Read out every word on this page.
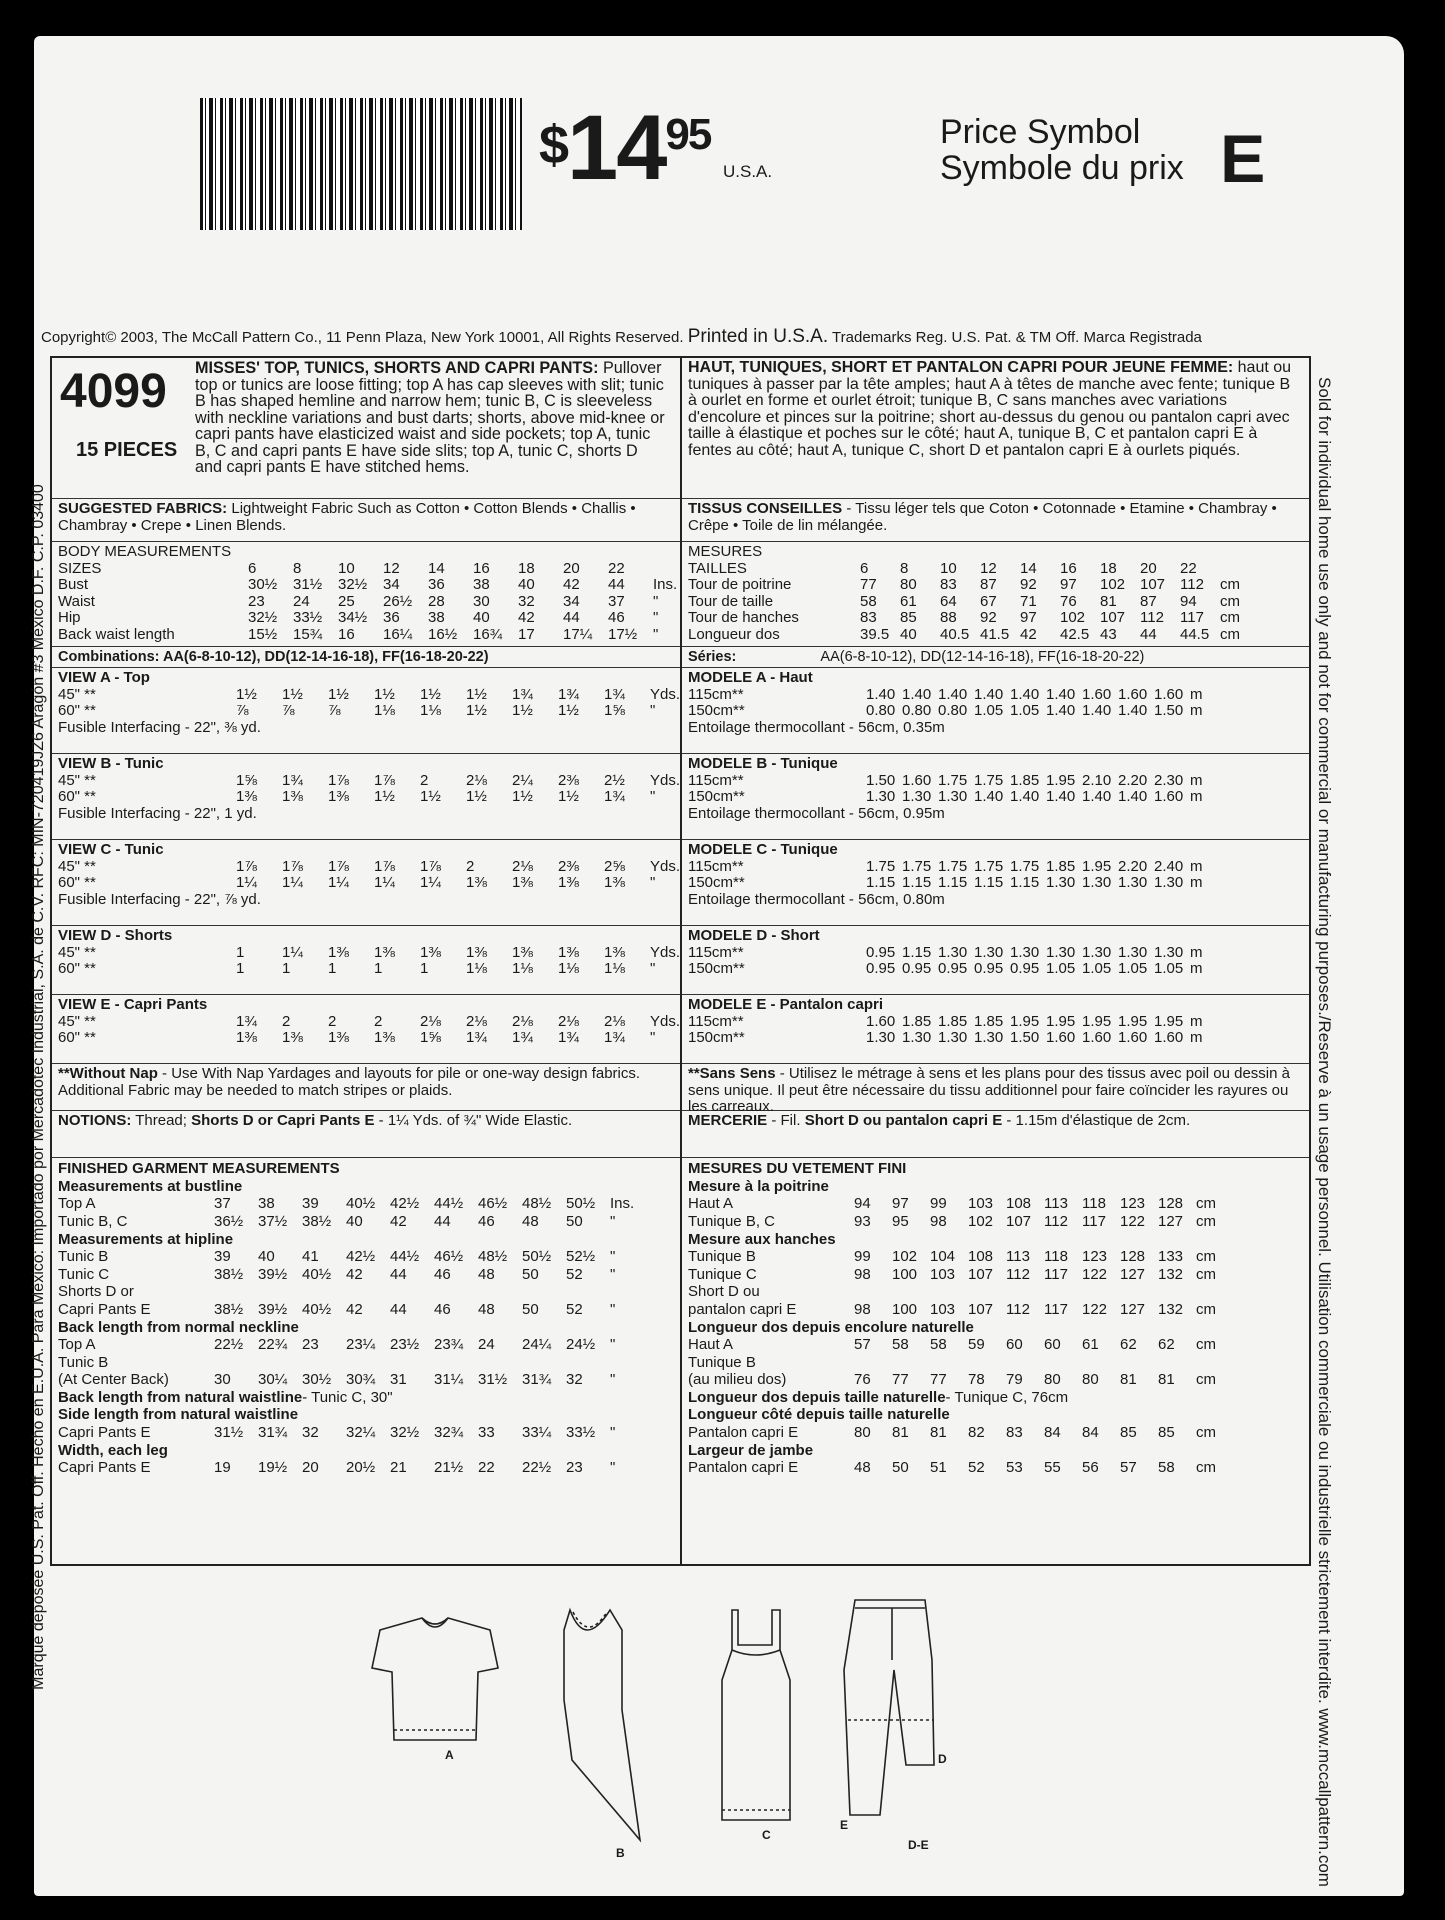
$^{\$}14^{95}$
U.S.A.
Price Symbol
Symbole du prix E
Copyright© 2003, The McCall Pattern Co., 11 Penn Plaza, New York 10001, All Rights Reserved. Printed in U.S.A. Trademarks Reg. U.S. Pat. & TM Off. Marca Registrada
Marque déposée U.S. Pat. Off. Hecho en E.U.A. Para México: Importado por Mercadotec Industrial, S.A. de C.V. RFC: MIN-720419JZ6 Aragón #3 México D.F. C.P. 03400	Sold for individual home use only and not for commercial or manufacturing purposes./Reserve à un usage personnel. Utilisation commerciale ou industrielle strictement interdite. www.mccallpattern.com
4099
15 PIECES
MISSES' TOP, TUNICS, SHORTS AND CAPRI PANTS: Pullover top or tunics are loose fitting; top A has cap sleeves with slit; tunic B has shaped hemline and narrow hem; tunic B, C is sleeveless with neckline variations and bust darts; shorts, above mid-knee or capri pants have elasticized waist and side pockets; top A, tunic B, C and capri pants E have side slits; top A, tunic C, shorts D and capri pants E have stitched hems.
SUGGESTED FABRICS: Lightweight Fabric Such as Cotton • Cotton Blends • Challis • Chambray • Crepe • Linen Blends.
BODY MEASUREMENTS
SIZES	6	8	10	12	14	16	18	20	22
Bust	30½	31½	32½	34	36	38	40	42	44	Ins.
Waist	23	24	25	26½	28	30	32	34	37	"
Hip	32½	33½	34½	36	38	40	42	44	46	"
Back waist length	15½	15¾	16	16¼	16½	16¾	17	17¼	17½	"
Combinations: AA(6-8-10-12), DD(12-14-16-18), FF(16-18-20-22)
VIEW A - Top
45" **	1½	1½	1½	1½	1½	1½	1¾	1¾	1¾	Yds.
60" **	⅞	⅞	⅞	1⅛	1⅛	1½	1½	1½	1⅝	"
Fusible Interfacing - 22", ⅜ yd.
VIEW B - Tunic
45" **	1⅝	1¾	1⅞	1⅞	2	2⅛	2¼	2⅜	2½	Yds.
60" **	1⅜	1⅜	1⅜	1½	1½	1½	1½	1½	1¾	"
Fusible Interfacing - 22", 1 yd.
VIEW C - Tunic
45" **	1⅞	1⅞	1⅞	1⅞	1⅞	2	2⅛	2⅜	2⅝	Yds.
60" **	1¼	1¼	1¼	1¼	1¼	1⅜	1⅜	1⅜	1⅜	"
Fusible Interfacing - 22", ⅞ yd.
VIEW D - Shorts
45" **	1	1¼	1⅜	1⅜	1⅜	1⅜	1⅜	1⅜	1⅜	Yds.
60" **	1	1	1	1	1	1⅛	1⅛	1⅛	1⅛	"
VIEW E - Capri Pants
45" **	1¾	2	2	2	2⅛	2⅛	2⅛	2⅛	2⅛	Yds.
60" **	1⅜	1⅜	1⅜	1⅜	1⅝	1¾	1¾	1¾	1¾	"
**Without Nap - Use With Nap Yardages and layouts for pile or one-way design fabrics. Additional Fabric may be needed to match stripes or plaids.
NOTIONS: Thread; Shorts D or Capri Pants E - 1¼ Yds. of ¾" Wide Elastic.
FINISHED GARMENT MEASUREMENTS
Measurements at bustline
Top A	37	38	39	40½ 42½ 44½ 46½ 48½ 50½ Ins.
Tunic B, C	36½ 37½ 38½ 40	42	44	46	48	50	"
Measurements at hipline
Tunic B	39	40	41	42½ 44½ 46½ 48½ 50½ 52½ "
Tunic C	38½ 39½ 40½ 42	44	46	48	50	52	"
Shorts D or
Capri Pants E	38½ 39½ 40½ 42	44	46	48	50	52	"
Back length from normal neckline
Top A	22½ 22¾ 23	23¼ 23½ 23¾ 24	24¼ 24½ "
Tunic B
(At Center Back)	30	30¼ 30½ 30¾ 31	31¼ 31½ 31¾ 32	"
Back length from natural waistline - Tunic C, 30"
Side length from natural waistline
Capri Pants E	31½ 31¾ 32	32¼ 32½ 32¾ 33	33¼ 33½ "
Width, each leg
Capri Pants E	19	19½ 20	20½ 21	21½ 22	22½ 23	"
HAUT, TUNIQUES, SHORT ET PANTALON CAPRI POUR JEUNE FEMME: haut ou tuniques à passer par la tête amples; haut A à têtes de manche avec fente; tunique B à ourlet en forme et ourlet étroit; tunique B, C sans manches avec variations d'encolure et pinces sur la poitrine; short au-dessus du genou ou pantalon capri avec taille à élastique et poches sur le côté; haut A, tunique B, C et pantalon capri E à fentes au côté; haut A, tunique C, short D et pantalon capri E à ourlets piqués.
TISSUS CONSEILLES - Tissu léger tels que Coton • Cotonnade • Etamine • Chambray • Crêpe • Toile de lin mélangée.
MESURES
TAILLES	6	8	10	12	14	16	18	20	22
Tour de poitrine	77	80	83	87	92	97	102 107 112	cm
Tour de taille	58	61	64	67	71	76	81	87	94	cm
Tour de hanches	83	85	88	92	97	102 107 112	117	cm
Longueur dos	39.5 40	40.5 41.5 42	42.5 43	44	44.5 cm
Séries:	AA(6-8-10-12), DD(12-14-16-18), FF(16-18-20-22)
MODELE A - Haut
115cm**	1.40 1.40 1.40 1.40 1.40 1.40 1.60 1.60 1.60 m
150cm**	0.80 0.80 0.80 1.05 1.05 1.40 1.40 1.40 1.50 m
Entoilage thermocollant - 56cm, 0.35m
MODELE B - Tunique
115cm**	1.50 1.60 1.75 1.75 1.85 1.95 2.10 2.20 2.30 m
150cm**	1.30 1.30 1.30 1.40 1.40 1.40 1.40 1.40 1.60 m
Entoilage thermocollant - 56cm, 0.95m
MODELE C - Tunique
115cm**	1.75 1.75 1.75 1.75 1.75 1.85 1.95 2.20 2.40 m
150cm**	1.15 1.15 1.15 1.15 1.15 1.30 1.30 1.30 1.30 m
Entoilage thermocollant - 56cm, 0.80m
MODELE D - Short
115cm**	0.95 1.15 1.30 1.30 1.30 1.30 1.30 1.30 1.30 m
150cm**	0.95 0.95 0.95 0.95 0.95 1.05 1.05 1.05 1.05 m
MODELE E - Pantalon capri
115cm**	1.60 1.85 1.85 1.85 1.95 1.95 1.95 1.95 1.95 m
150cm**	1.30 1.30 1.30 1.30 1.50 1.60 1.60 1.60 1.60 m
**Sans Sens - Utilisez le métrage à sens et les plans pour des tissus avec poil ou dessin à sens unique. Il peut être nécessaire du tissu additionnel pour faire coïncider les rayures ou les carreaux.
MERCERIE - Fil. Short D ou pantalon capri E - 1.15m d'élastique de 2cm.
MESURES DU VETEMENT FINI
Mesure à la poitrine
Haut A	94	97	99	103 108 113 118 123 128 cm
Tunique B, C	93	95	98	102 107 112 117 122 127 cm
Mesure aux hanches
Tunique B	99	102 104 108 113 118 123 128 133 cm
Tunique C	98	100 103 107 112 117 122 127 132 cm
Short D ou
pantalon capri E	98	100 103 107 112 117 122 127 132 cm
Longueur dos depuis encolure naturelle
Haut A	57	58	58	59	60	60	61	62	62	cm
Tunique B
(au milieu dos)	76	77	77	78	79	80	80	81	81	cm
Longueur dos depuis taille naturelle - Tunique C, 76cm
Longueur côté depuis taille naturelle
Pantalon capri E	80	81	81	82	83	84	84	85	85	cm
Largeur de jambe
Pantalon capri E	48	50	51	52	53	55	56	57	58	cm
A
B
C
D
E
D-E
